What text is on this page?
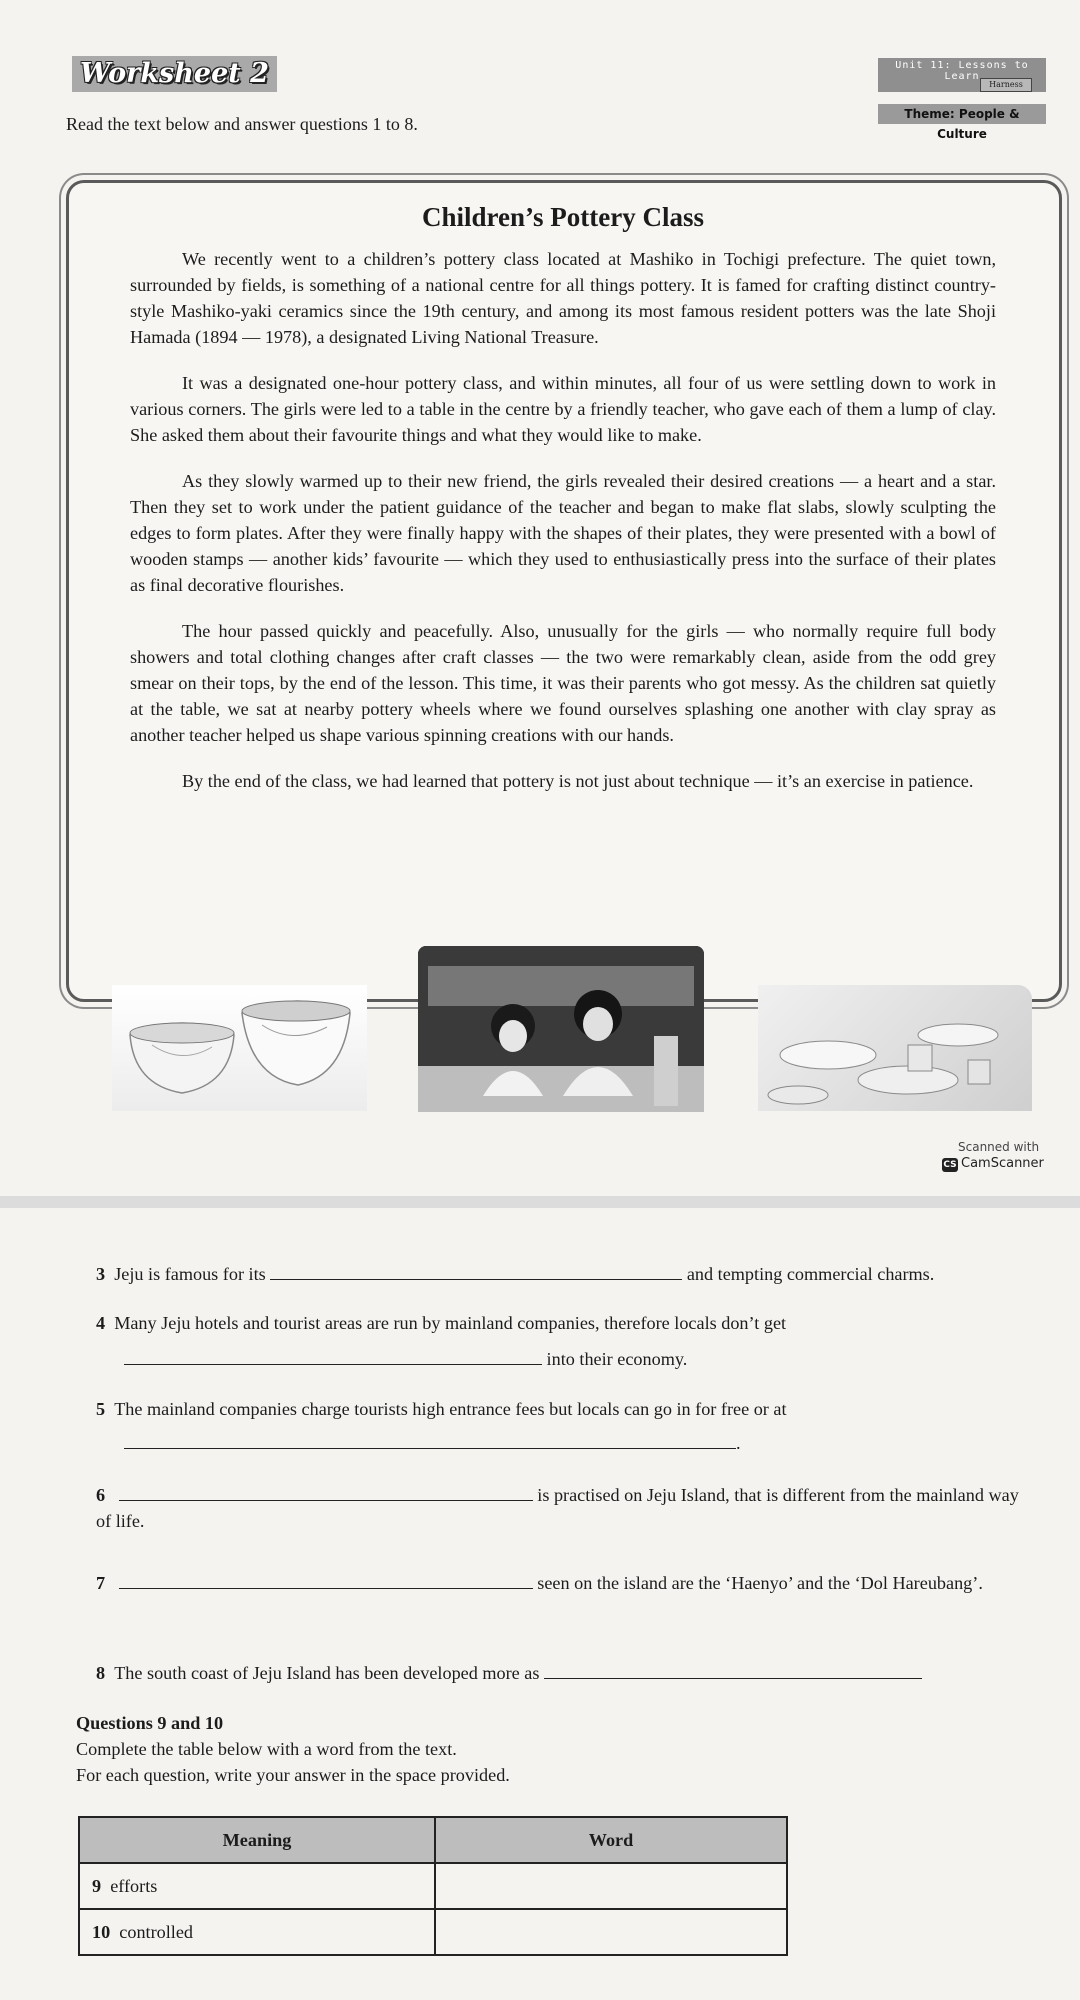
Worksheet 2	Unit 11: Lessons to Learn
Harness
Theme: People & Culture
Read the text below and answer questions 1 to 8.
Children’s Pottery Class

We recently went to a children’s pottery class located at Mashiko in Tochigi prefecture. The quiet town, surrounded by fields, is something of a national centre for all things pottery. It is famed for crafting distinct country-style Mashiko-yaki ceramics since the 19th century, and among its most famous resident potters was the late Shoji Hamada (1894 — 1978), a designated Living National Treasure.

It was a designated one-hour pottery class, and within minutes, all four of us were settling down to work in various corners. The girls were led to a table in the centre by a friendly teacher, who gave each of them a lump of clay. She asked them about their favourite things and what they would like to make.

As they slowly warmed up to their new friend, the girls revealed their desired creations — a heart and a star. Then they set to work under the patient guidance of the teacher and began to make flat slabs, slowly sculpting the edges to form plates. After they were finally happy with the shapes of their plates, they were presented with a bowl of wooden stamps — another kids’ favourite — which they used to enthusiastically press into the surface of their plates as final decorative flourishes.

The hour passed quickly and peacefully. Also, unusually for the girls — who normally require full body showers and total clothing changes after craft classes — the two were remarkably clean, aside from the odd grey smear on their tops, by the end of the lesson. This time, it was their parents who got messy. As the children sat quietly at the table, we sat at nearby pottery wheels where we found ourselves splashing one another with clay spray as another teacher helped us shape various spinning creations with our hands.

By the end of the class, we had learned that pottery is not just about technique — it’s an exercise in patience.

Scanned with
CS CamScanner
3 Jeju is famous for its	and tempting commercial charms.
4 Many Jeju hotels and tourist areas are run by mainland companies, therefore locals don’t get
into their economy.
5 The mainland companies charge tourists high entrance fees but locals can go in for free or at
.
6	is practised on Jeju Island, that is different from the mainland way of life.
7	seen on the island are the ‘Haenyo’ and the ‘Dol Hareubang’.
8 The south coast of Jeju Island has been developed more as
Questions 9 and 10
Complete the table below with a word from the text.
For each question, write your answer in the space provided.
Meaning	Word
9 efforts	
10 controlled	
